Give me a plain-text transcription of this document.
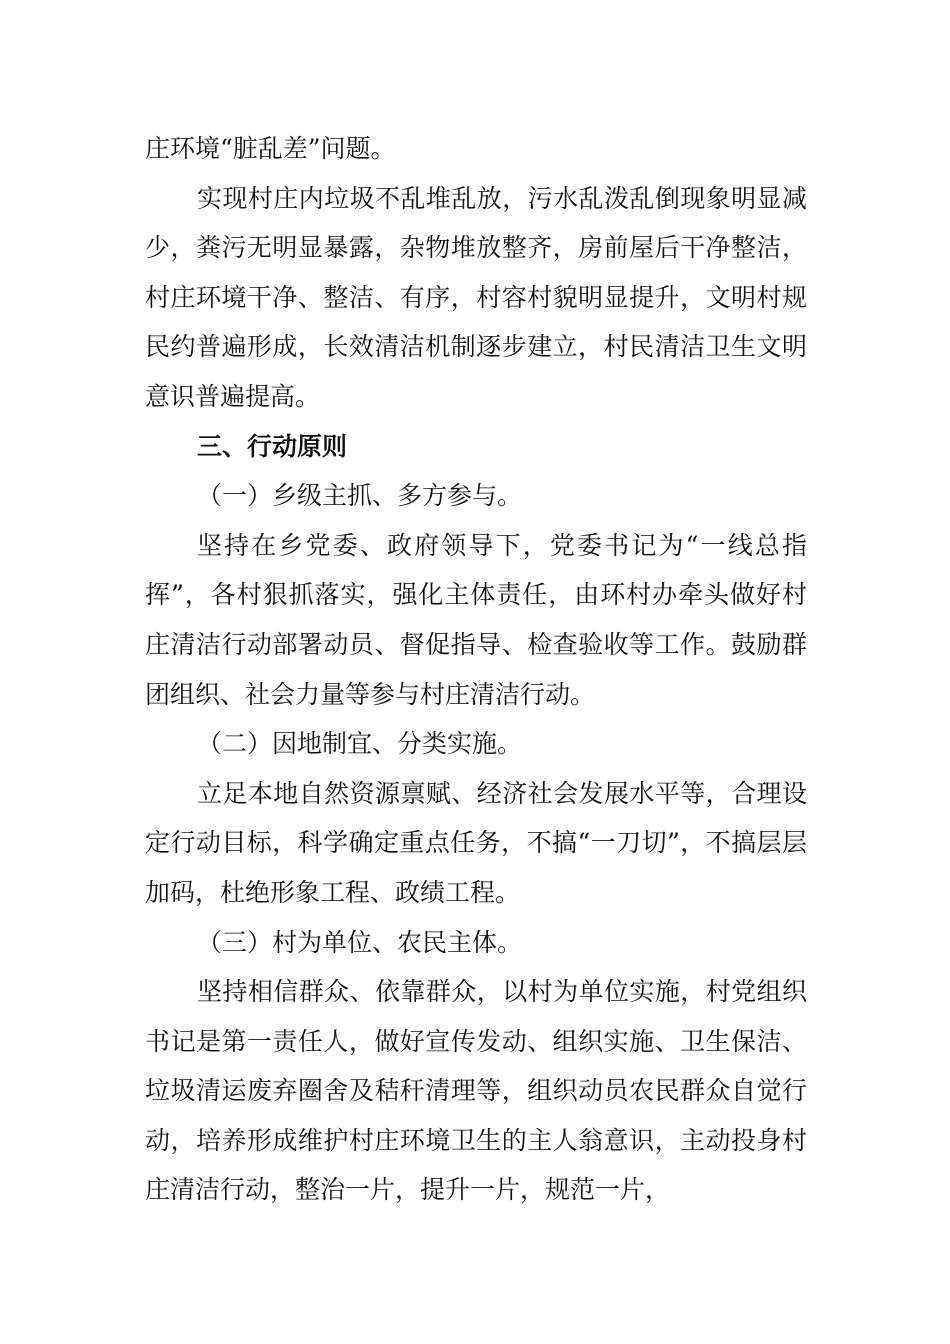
庄环境“脏乱差”问题。

实现村庄内垃圾不乱堆乱放，污水乱泼乱倒现象明显减少，粪污无明显暴露，杂物堆放整齐，房前屋后干净整洁，村庄环境干净、整洁、有序，村容村貌明显提升，文明村规民约普遍形成，长效清洁机制逐步建立，村民清洁卫生文明意识普遍提高。

三、行动原则

（一）乡级主抓、多方参与。

坚持在乡党委、政府领导下，党委书记为“一线总指挥”，各村狠抓落实，强化主体责任，由环村办牵头做好村庄清洁行动部署动员、督促指导、检查验收等工作。鼓励群团组织、社会力量等参与村庄清洁行动。

（二）因地制宜、分类实施。

立足本地自然资源禀赋、经济社会发展水平等，合理设定行动目标，科学确定重点任务，不搞“一刀切”，不搞层层加码，杜绝形象工程、政绩工程。

（三）村为单位、农民主体。

坚持相信群众、依靠群众，以村为单位实施，村党组织书记是第一责任人，做好宣传发动、组织实施、卫生保洁、垃圾清运废弃圈舍及秸秆清理等，组织动员农民群众自觉行动，培养形成维护村庄环境卫生的主人翁意识，主动投身村庄清洁行动，整治一片，提升一片，规范一片，
